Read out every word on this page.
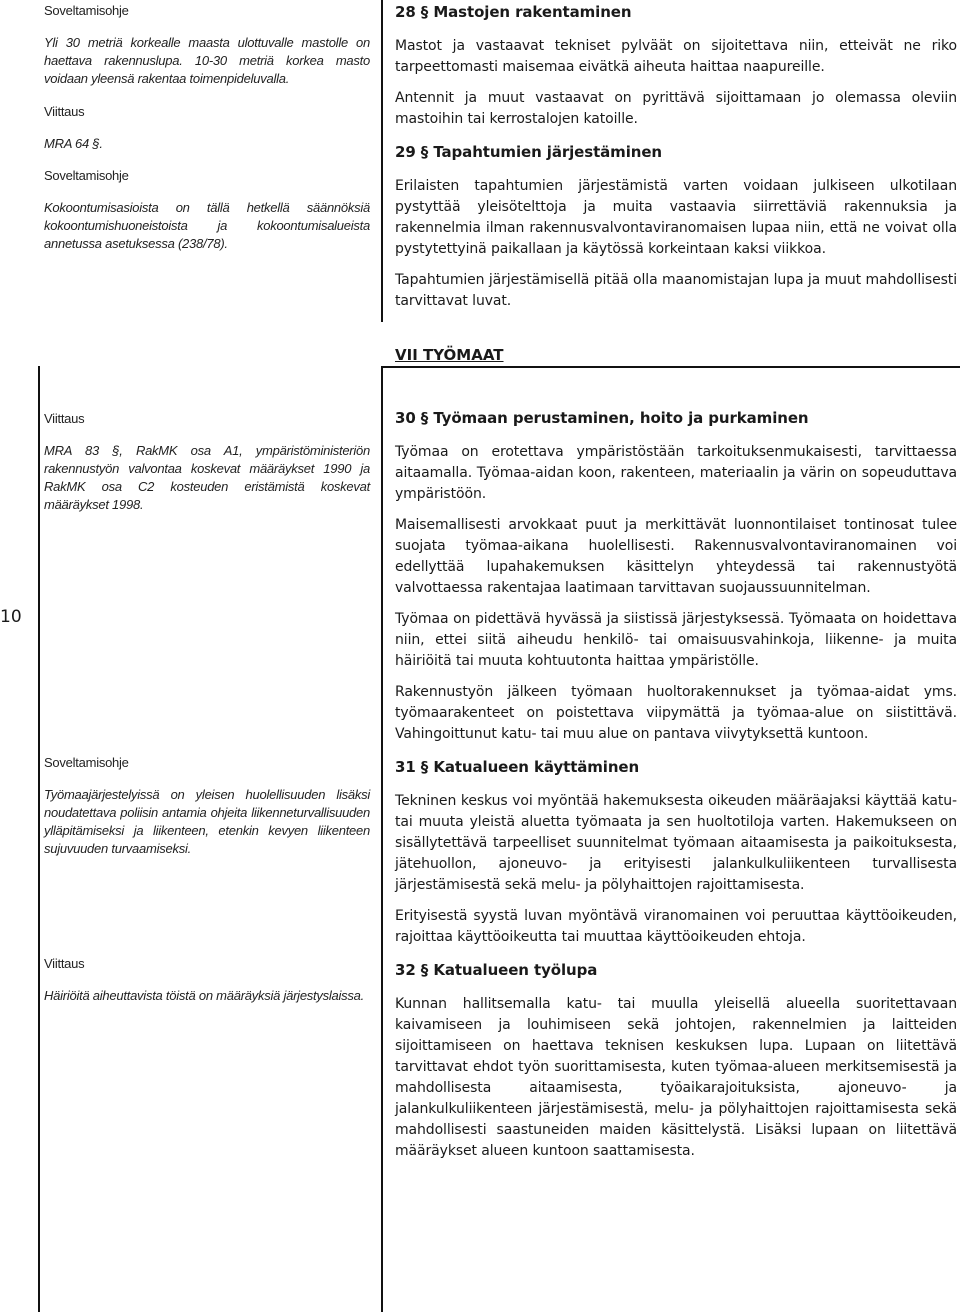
Soveltamisohje
Yli 30 metriä korkealle maasta ulottuvalle mastolle on haettava rakennuslupa. 10-30 metriä korkea masto voidaan yleensä rakentaa toimenpideluvalla.
Viittaus
MRA 64 §.
Soveltamisohje
Kokoontumisasioista on tällä hetkellä säännöksiä kokoontumishuoneistoista ja kokoontumisalueista annetussa asetuksessa (238/78).
28 § Mastojen rakentaminen

Mastot ja vastaavat tekniset pylväät on sijoitettava niin, etteivät ne riko tarpeettomasti maisemaa eivätkä aiheuta haittaa naapureille.

Antennit ja muut vastaavat on pyrittävä sijoittamaan jo olemassa oleviin mastoihin tai kerrostalojen katoille.

29 § Tapahtumien järjestäminen

Erilaisten tapahtumien järjestämistä varten voidaan julkiseen ulkotilaan pystyttää yleisötelttoja ja muita vastaavia siirrettäviä rakennuksia ja rakennelmia ilman rakennusvalvontaviranomaisen lupaa niin, että ne voivat olla pystytettyinä paikallaan ja käytössä korkeintaan kaksi viikkoa.

Tapahtumien järjestämisellä pitää olla maanomistajan lupa ja muut mahdollisesti tarvittavat luvat.

VII TYÖMAAT
10
Viittaus
MRA 83 §, RakMK osa A1, ympäristöministeriön rakennustyön valvontaa koskevat määräykset 1990 ja RakMK osa C2 kosteuden eristämistä koskevat määräykset 1998.
Soveltamisohje
Työmaajärjestelyissä on yleisen huolellisuuden lisäksi noudatettava poliisin antamia ohjeita liikenneturvallisuuden ylläpitämiseksi ja liikenteen, etenkin kevyen liikenteen sujuvuuden turvaamiseksi.
Viittaus
Häiriöitä aiheuttavista töistä on määräyksiä järjestyslaissa.
30 § Työmaan perustaminen, hoito ja purkaminen

Työmaa on erotettava ympäristöstään tarkoituksenmukaisesti, tarvittaessa aitaamalla. Työmaa-aidan koon, rakenteen, materiaalin ja värin on sopeuduttava ympäristöön.

Maisemallisesti arvokkaat puut ja merkittävät luonnontilaiset tontinosat tulee suojata työmaa-aikana huolellisesti. Rakennusvalvontaviranomainen voi edellyttää lupahakemuksen käsittelyn yhteydessä tai rakennustyötä valvottaessa rakentajaa laatimaan tarvittavan suojaussuunnitelman.

Työmaa on pidettävä hyvässä ja siistissä järjestyksessä. Työmaata on hoidettava niin, ettei siitä aiheudu henkilö- tai omaisuusvahinkoja, liikenne- ja muita häiriöitä tai muuta kohtuutonta haittaa ympäristölle.

Rakennustyön jälkeen työmaan huoltorakennukset ja työmaa-aidat yms. työmaarakenteet on poistettava viipymättä ja työmaa-alue on siistittävä. Vahingoittunut katu- tai muu alue on pantava viivytyksettä kuntoon.

31 § Katualueen käyttäminen

Tekninen keskus voi myöntää hakemuksesta oikeuden määräajaksi käyttää katu- tai muuta yleistä aluetta työmaata ja sen huoltotiloja varten. Hakemukseen on sisällytettävä tarpeelliset suunnitelmat työmaan aitaamisesta ja paikoituksesta, jätehuollon, ajoneuvo- ja erityisesti jalankulkuliikenteen turvallisesta järjestämisestä sekä melu- ja pölyhaittojen rajoittamisesta.

Erityisestä syystä luvan myöntävä viranomainen voi peruuttaa käyttöoikeuden, rajoittaa käyttöoikeutta tai muuttaa käyttöoikeuden ehtoja.

32 § Katualueen työlupa

Kunnan hallitsemalla katu- tai muulla yleisellä alueella suoritettavaan kaivamiseen ja louhimiseen sekä johtojen, rakennelmien ja laitteiden sijoittamiseen on haettava teknisen keskuksen lupa. Lupaan on liitettävä tarvittavat ehdot työn suorittamisesta, kuten työmaa-alueen merkitsemisestä ja mahdollisesta aitaamisesta, työaikarajoituksista, ajoneuvo- ja jalankulkuliikenteen järjestämisestä, melu- ja pölyhaittojen rajoittamisesta sekä mahdollisesti saastuneiden maiden käsittelystä. Lisäksi lupaan on liitettävä määräykset alueen kuntoon saattamisesta.
